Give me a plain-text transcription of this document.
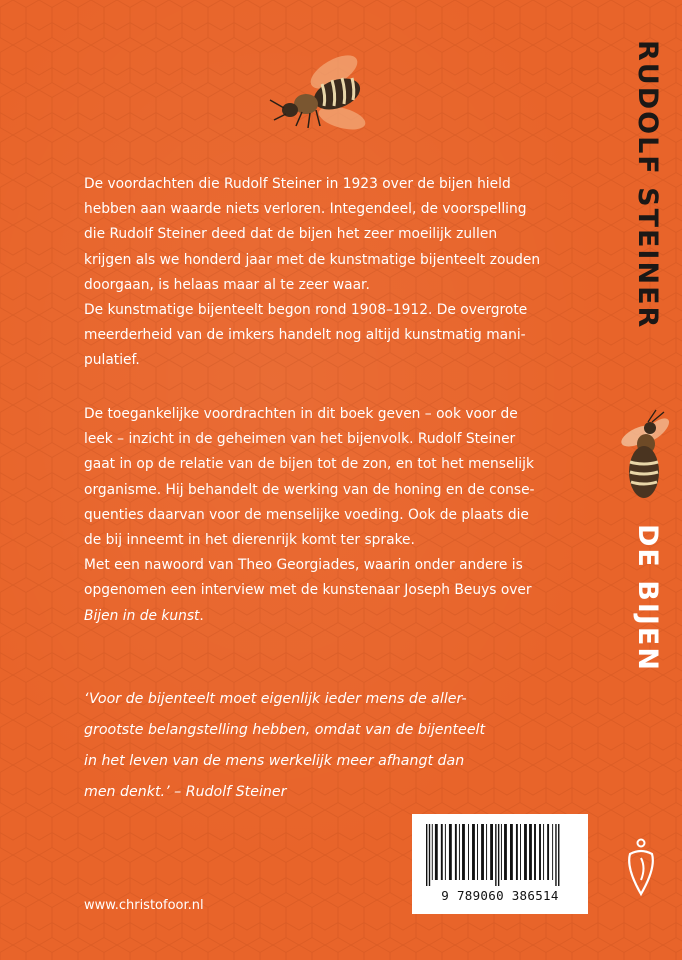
RUDOLF STEINER
DE BIJEN
De voordachten die Rudolf Steiner in 1923 over de bijen hield
hebben aan waarde niets verloren. Integendeel, de voorspelling
die Rudolf Steiner deed dat de bijen het zeer moeilijk zullen
krijgen als we honderd jaar met de kunstmatige bijenteelt zouden
doorgaan, is helaas maar al te zeer waar.
De kunstmatige bijenteelt begon rond 1908–1912. De overgrote
meerderheid van de imkers handelt nog altijd kunstmatig mani-
pulatief.
De toegankelijke voordrachten in dit boek geven – ook voor de
leek – inzicht in de geheimen van het bijenvolk. Rudolf Steiner
gaat in op de relatie van de bijen tot de zon, en tot het menselijk
organisme. Hij behandelt de werking van de honing en de conse-
quenties daarvan voor de menselijke voeding. Ook de plaats die
de bij inneemt in het dierenrijk komt ter sprake.
Met een nawoord van Theo Georgiades, waarin onder andere is
opgenomen een interview met de kunstenaar Joseph Beuys over
Bijen in de kunst.
‘Voor de bijenteelt moet eigenlijk ieder mens de aller-
grootste belangstelling hebben, omdat van de bijenteelt
in het leven van de mens werkelijk meer afhangt dan
men denkt.’ – Rudolf Steiner
9 789060 386514
www.christofoor.nl
